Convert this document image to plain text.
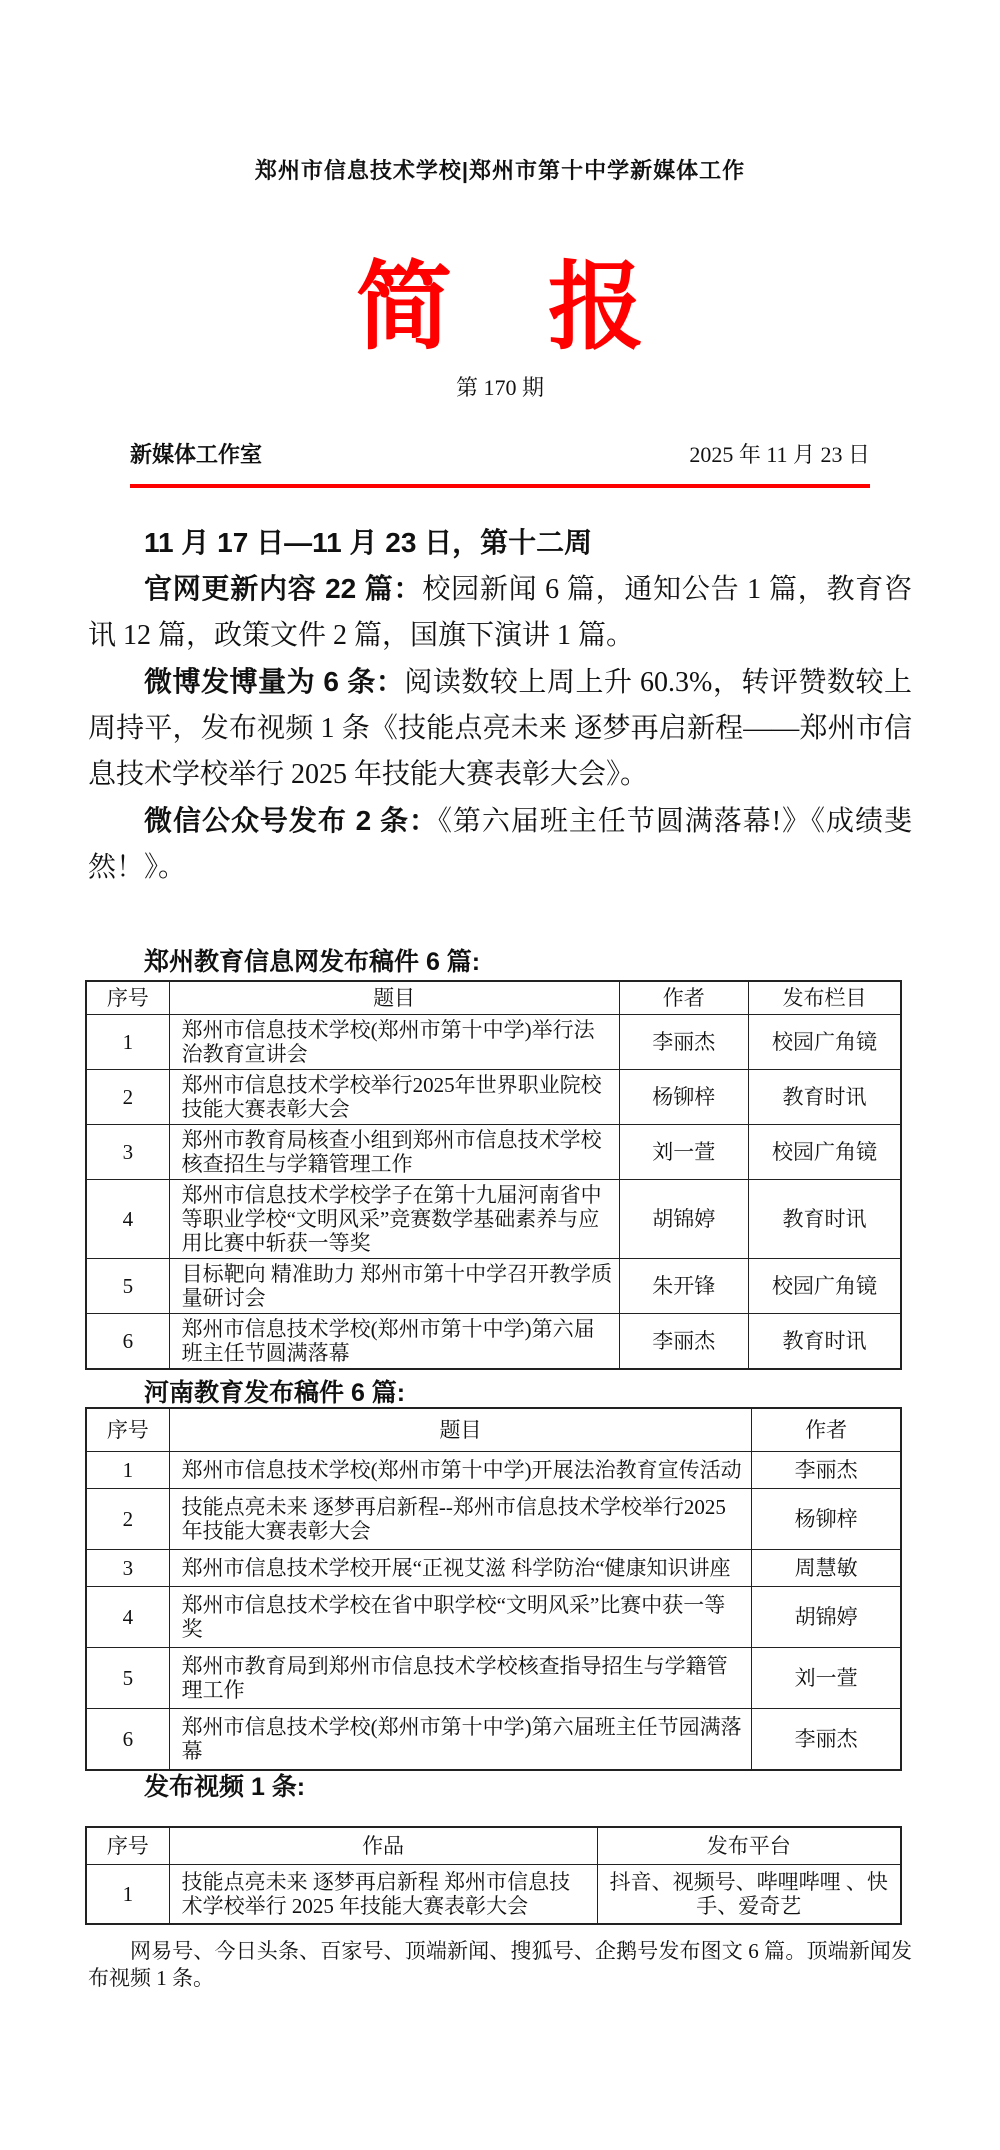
郑州市信息技术学校|郑州市第十中学新媒体工作
简　报
第 170 期
新媒体工作室	2025 年 11 月 23 日

11 月 17 日—11 月 23 日，第十二周

官网更新内容 22 篇：校园新闻 6 篇，通知公告 1 篇，教育咨讯 12 篇，政策文件 2 篇，国旗下演讲 1 篇。

微博发博量为 6 条：阅读数较上周上升 60.3%，转评赞数较上周持平，发布视频 1 条《技能点亮未来 逐梦再启新程——郑州市信息技术学校举行 2025 年技能大赛表彰大会》。

微信公众号发布 2 条：《第六届班主任节圆满落幕!》《成绩斐然！》。

郑州教育信息网发布稿件 6 篇:

序号	题目	作者	发布栏目
1	郑州市信息技术学校(郑州市第十中学)举行法治教育宣讲会	李丽杰	校园广角镜
2	郑州市信息技术学校举行2025年世界职业院校技能大赛表彰大会	杨铆梓	教育时讯
3	郑州市教育局核查小组到郑州市信息技术学校核查招生与学籍管理工作	刘一萱	校园广角镜
4	郑州市信息技术学校学子在第十九届河南省中等职业学校“文明风采”竞赛数学基础素养与应用比赛中斩获一等奖	胡锦婷	教育时讯
5	目标靶向 精准助力 郑州市第十中学召开教学质量研讨会	朱开锋	校园广角镜
6	郑州市信息技术学校(郑州市第十中学)第六届班主任节圆满落幕	李丽杰	教育时讯

河南教育发布稿件 6 篇:

序号	题目	作者
1	郑州市信息技术学校(郑州市第十中学)开展法治教育宣传活动	李丽杰
2	技能点亮未来 逐梦再启新程--郑州市信息技术学校举行2025年技能大赛表彰大会	杨铆梓
3	郑州市信息技术学校开展“正视艾滋 科学防治“健康知识讲座	周慧敏
4	郑州市信息技术学校在省中职学校“文明风采”比赛中获一等奖	胡锦婷
5	郑州市教育局到郑州市信息技术学校核查指导招生与学籍管理工作	刘一萱
6	郑州市信息技术学校(郑州市第十中学)第六届班主任节园满落幕	李丽杰

发布视频 1 条:

序号	作品	发布平台
1	技能点亮未来 逐梦再启新程 郑州市信息技术学校举行 2025 年技能大赛表彰大会	抖音、视频号、哔哩哔哩 、快手、爱奇艺

网易号、今日头条、百家号、顶端新闻、搜狐号、企鹅号发布图文 6 篇。顶端新闻发布视频 1 条。
